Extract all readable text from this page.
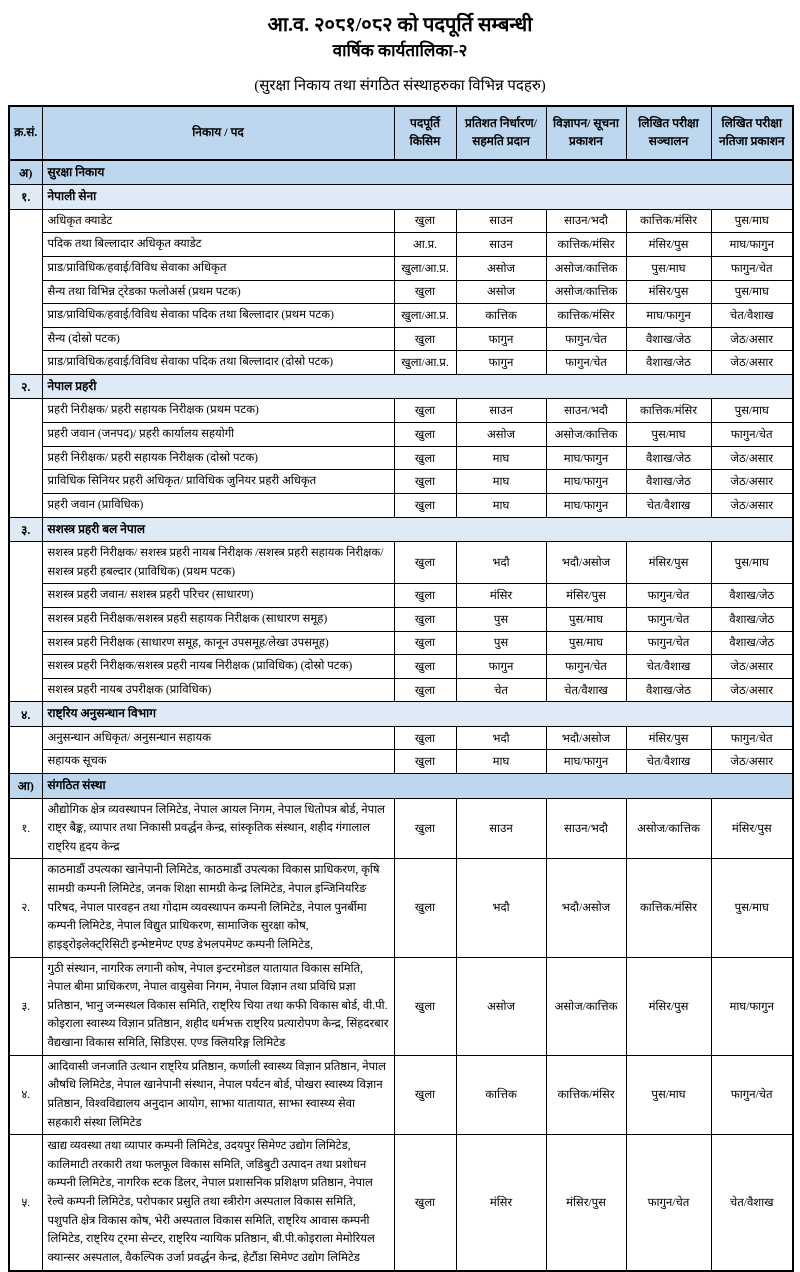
आ.व. २०८१/०८२ को पदपूर्ति सम्बन्धी
वार्षिक कार्यतालिका-२
(सुरक्षा निकाय तथा संगठित संस्थाहरुका विभिन्न पदहरु)
क्र.सं.	निकाय / पद	पदपूर्ति किसिम	प्रतिशत निर्धारण/ सहमति प्रदान	विज्ञापन/ सूचना प्रकाशन	लिखित परीक्षा सञ्चालन	लिखित परीक्षा नतिजा प्रकाशन
अ)	सुरक्षा निकाय					
१.	नेपाली सेना					
	अधिकृत क्याडेट	खुला	साउन	साउन/भदौ	कात्तिक/मंसिर	पुस/माघ
	पदिक तथा बिल्लादार अधिकृत क्याडेट	आ.प्र.	साउन	कात्तिक/मंसिर	मंसिर/पुस	माघ/फागुन
	प्राड/प्राविधिक/हवाई/विविध सेवाका अधिकृत	खुला/आ.प्र.	असोज	असोज/कात्तिक	पुस/माघ	फागुन/चेत
	सैन्य तथा विभिन्न ट्रेडका फलोअर्स (प्रथम पटक)	खुला	असोज	असोज/कात्तिक	मंसिर/पुस	पुस/माघ
	प्राड/प्राविधिक/हवाई/विविध सेवाका पदिक तथा बिल्लादार (प्रथम पटक)	खुला/आ.प्र.	कात्तिक	कात्तिक/मंसिर	माघ/फागुन	चेत/वैशाख
	सैन्य (दोस्रो पटक)	खुला	फागुन	फागुन/चेत	वैशाख/जेठ	जेठ/असार
	प्राड/प्राविधिक/हवाई/विविध सेवाका पदिक तथा बिल्लादार (दोस्रो पटक)	खुला/आ.प्र.	फागुन	फागुन/चेत	वैशाख/जेठ	जेठ/असार
२.	नेपाल प्रहरी					
	प्रहरी निरीक्षक/ प्रहरी सहायक निरीक्षक (प्रथम पटक)	खुला	साउन	साउन/भदौ	कात्तिक/मंसिर	पुस/माघ
	प्रहरी जवान (जनपद)/ प्रहरी कार्यालय सहयोगी	खुला	असोज	असोज/कात्तिक	पुस/माघ	फागुन/चेत
	प्रहरी निरीक्षक/ प्रहरी सहायक निरीक्षक (दोस्रो पटक)	खुला	माघ	माघ/फागुन	वैशाख/जेठ	जेठ/असार
	प्राविधिक सिनियर प्रहरी अधिकृत/ प्राविधिक जुनियर प्रहरी अधिकृत	खुला	माघ	माघ/फागुन	वैशाख/जेठ	जेठ/असार
	प्रहरी जवान (प्राविधिक)	खुला	माघ	माघ/फागुन	चेत/वैशाख	जेठ/असार
३.	सशस्त्र प्रहरी बल नेपाल					
	सशस्त्र प्रहरी निरीक्षक/ सशस्त्र प्रहरी नायब निरीक्षक /सशस्त्र प्रहरी सहायक निरीक्षक/सशस्त्र प्रहरी हबल्दार (प्राविधिक) (प्रथम पटक)	खुला	भदौ	भदौ/असोज	मंसिर/पुस	पुस/माघ
	सशस्त्र प्रहरी जवान/ सशस्त्र प्रहरी परिचर (साधारण)	खुला	मंसिर	मंसिर/पुस	फागुन/चेत	वैशाख/जेठ
	सशस्त्र प्रहरी निरीक्षक/सशस्त्र प्रहरी सहायक निरीक्षक (साधारण समूह)	खुला	पुस	पुस/माघ	फागुन/चेत	वैशाख/जेठ
	सशस्त्र प्रहरी निरीक्षक (साधारण समूह, कानून उपसमूह/लेखा उपसमूह)	खुला	पुस	पुस/माघ	फागुन/चेत	वैशाख/जेठ
	सशस्त्र प्रहरी निरीक्षक/सशस्त्र प्रहरी नायब निरीक्षक (प्राविधिक) (दोस्रो पटक)	खुला	फागुन	फागुन/चेत	चेत/वैशाख	जेठ/असार
	सशस्त्र प्रहरी नायब उपरीक्षक (प्राविधिक)	खुला	चेत	चेत/वैशाख	वैशाख/जेठ	जेठ/असार
४.	राष्ट्रिय अनुसन्धान विभाग					
	अनुसन्धान अधिकृत/ अनुसन्धान सहायक	खुला	भदौ	भदौ/असोज	मंसिर/पुस	फागुन/चेत
	सहायक सूचक	खुला	माघ	माघ/फागुन	चेत/वैशाख	जेठ/असार
आ)	संगठित संस्था					
१.	औद्योगिक क्षेत्र व्यवस्थापन लिमिटेड, नेपाल आयल निगम, नेपाल धितोपत्र बोर्ड, नेपाल राष्ट्र बैङ्क, व्यापार तथा निकासी प्रवर्द्धन केन्द्र, सांस्कृतिक संस्थान, शहीद गंगालाल राष्ट्रिय हृदय केन्द्र	खुला	साउन	साउन/भदौ	असोज/कात्तिक	मंसिर/पुस
२.	काठमाडौं उपत्यका खानेपानी लिमिटेड, काठमाडौं उपत्यका विकास प्राधिकरण, कृषि सामग्री कम्पनी लिमिटेड, जनक शिक्षा सामग्री केन्द्र लिमिटेड, नेपाल इन्जिनियरिङ परिषद, नेपाल पारवहन तथा गोदाम व्यवस्थापन कम्पनी लिमिटेड, नेपाल पुनर्बीमा कम्पनी लिमिटेड, नेपाल विद्युत प्राधिकरण, सामाजिक सुरक्षा कोष, हाइड्रोइलेक्ट्रिसिटी इन्भेष्टमेण्ट एण्ड डेभलपमेण्ट कम्पनी लिमिटेड,	खुला	भदौ	भदौ/असोज	कात्तिक/मंसिर	पुस/माघ
३.	गुठी संस्थान, नागरिक लगानी कोष, नेपाल इन्टरमोडल यातायात विकास समिति, नेपाल बीमा प्राधिकरण, नेपाल वायुसेवा निगम, नेपाल विज्ञान तथा प्रविधि प्रज्ञा प्रतिष्ठान, भानु जन्मस्थल विकास समिति, राष्ट्रिय चिया तथा कफी विकास बोर्ड, वी.पी. कोइराला स्वास्थ्य विज्ञान प्रतिष्ठान, शहीद धर्मभक्त राष्ट्रिय प्रत्यारोपण केन्द्र, सिंहदरबार वैद्यखाना विकास समिति, सिडिएस. एण्ड क्लियरिङ्ग लिमिटेड	खुला	असोज	असोज/कात्तिक	मंसिर/पुस	माघ/फागुन
४.	आदिवासी जनजाति उत्थान राष्ट्रिय प्रतिष्ठान, कर्णाली स्वास्थ्य विज्ञान प्रतिष्ठान, नेपाल औषधि लिमिटेड, नेपाल खानेपानी संस्थान, नेपाल पर्यटन बोर्ड, पोखरा स्वास्थ्य विज्ञान प्रतिष्ठान, विश्वविद्यालय अनुदान आयोग, साझा यातायात, साझा स्वास्थ्य सेवा सहकारी संस्था लिमिटेड	खुला	कात्तिक	कात्तिक/मंसिर	पुस/माघ	फागुन/चेत
५.	खाद्य व्यवस्था तथा व्यापार कम्पनी लिमिटेड, उदयपुर सिमेण्ट उद्योग लिमिटेड, कालिमाटी तरकारी तथा फलफूल विकास समिति, जडिबुटी उत्पादन तथा प्रशोधन कम्पनी लिमिटेड, नागरिक स्टक डिलर, नेपाल प्रशासनिक प्रशिक्षण प्रतिष्ठान, नेपाल रेल्वे कम्पनी लिमिटेड, परोपकार प्रसुति तथा स्त्रीरोग अस्पताल विकास समिति, पशुपति क्षेत्र विकास कोष, भेरी अस्पताल विकास समिति, राष्ट्रिय आवास कम्पनी लिमिटेड, राष्ट्रिय ट्रमा सेन्टर, राष्ट्रिय न्यायिक प्रतिष्ठान, बी.पी.कोइराला मेमोरियल क्यान्सर अस्पताल, वैकल्पिक उर्जा प्रवर्द्धन केन्द्र, हेटौंडा सिमेण्ट उद्योग लिमिटेड	खुला	मंसिर	मंसिर/पुस	फागुन/चेत	चेत/वैशाख
